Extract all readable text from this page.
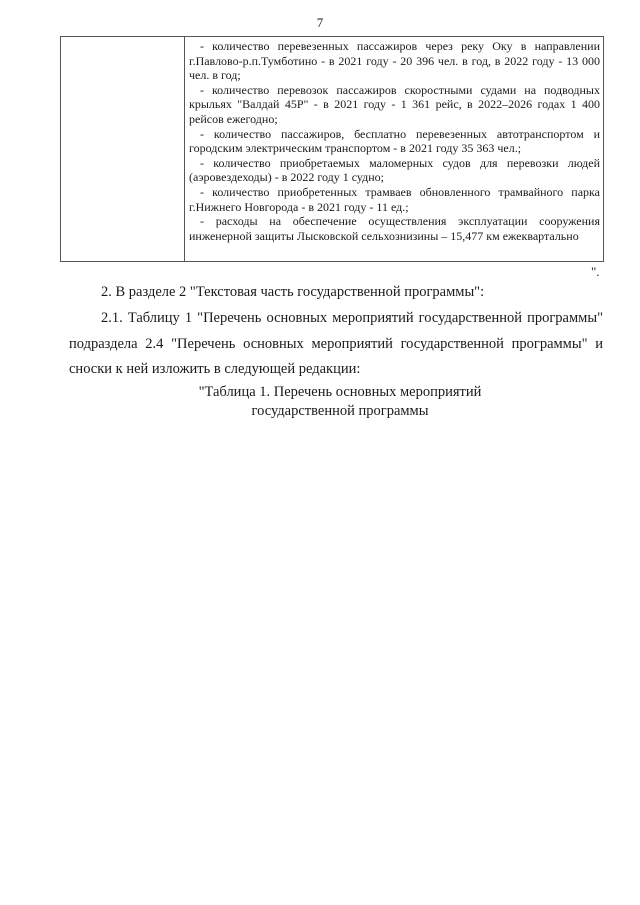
7

- количество перевезенных пассажиров через реку Оку в направлении г.Павлово-р.п.Тумботино - в 2021 году - 20 396 чел. в год, в 2022 году - 13 000 чел. в год;

- количество перевозок пассажиров скоростными судами на подводных крыльях "Валдай 45Р" - в 2021 году - 1 361 рейс, в 2022–2026 годах 1 400 рейсов ежегодно;

- количество пассажиров, бесплатно перевезенных автотранспортом и городским электрическим транспортом - в 2021 году 35 363 чел.;

- количество приобретаемых маломерных судов для перевозки людей (аэровездеходы) - в 2022 году 1 судно;

- количество приобретенных трамваев обновленного трамвайного парка г.Нижнего Новгорода - в 2021 году - 11 ед.;

- расходы на обеспечение осуществления эксплуатации сооружения инженерной защиты Лысковской сельхознизины – 15,477 км ежеквартально

".

2. В разделе 2 "Текстовая часть государственной программы":

2.1. Таблицу 1 "Перечень основных мероприятий государственной программы" подраздела 2.4 "Перечень основных мероприятий государственной программы" и сноски к ней изложить в следующей редакции:

"Таблица 1. Перечень основных мероприятий
государственной программы
